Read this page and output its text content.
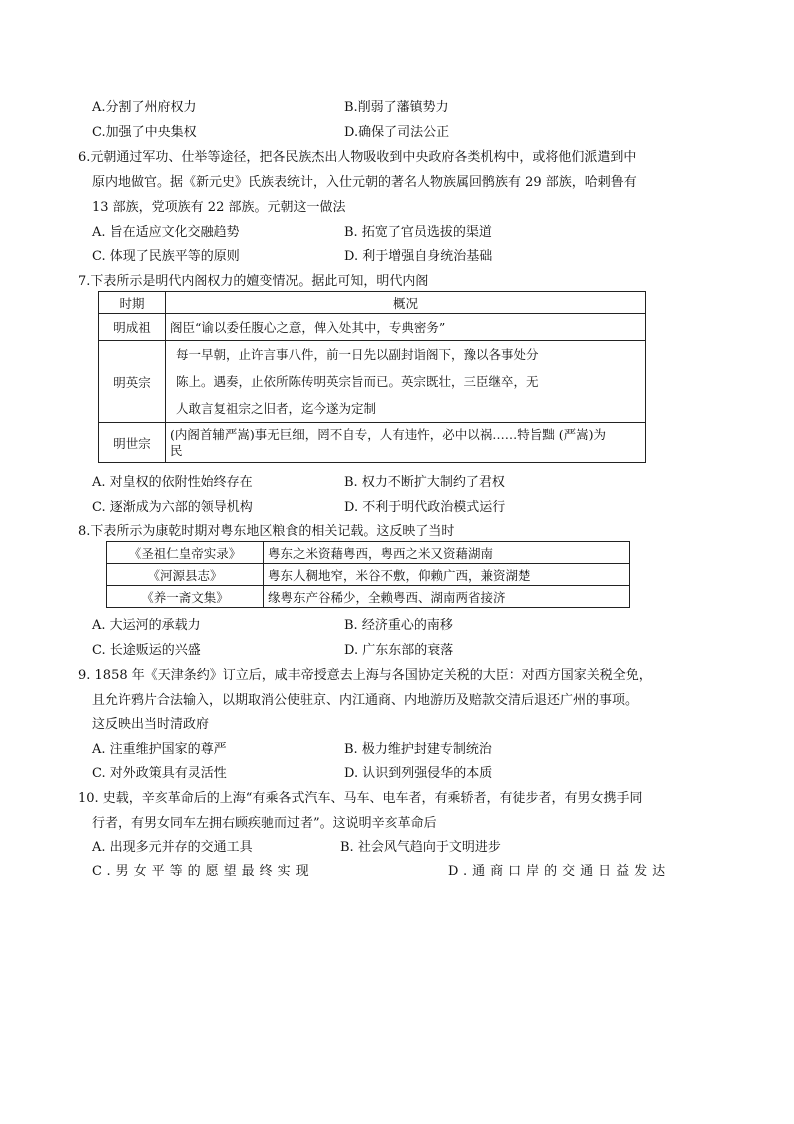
A.分割了州府权力	B.削弱了藩镇势力
C.加强了中央集权	D.确保了司法公正
6.元朝通过军功、仕举等途径，把各民族杰出人物吸收到中央政府各类机构中，或将他们派遣到中
原内地做官。据《新元史》氏族表统计，入仕元朝的著名人物族属回鹘族有 29 部族，哈剌鲁有
13 部族，党项族有 22 部族。元朝这一做法
A. 旨在适应文化交融趋势	B. 拓宽了官员选拔的渠道
C. 体现了民族平等的原则	D. 利于增强自身统治基础
7.下表所示是明代内阁权力的嬗变情况。据此可知，明代内阁
时期	概况
明成祖	阁臣“谕以委任腹心之意，俾入处其中，专典密务”
明英宗	每一早朝，止许言事八件，前一日先以副封诣阁下，豫以各事处分
陈上。遇奏，止依所陈传明英宗旨而已。英宗既壮，三臣继卒，无
人敢言复祖宗之旧者，迄今遂为定制

明世宗	(内阁首辅严嵩)事无巨细，罔不自专，人有违忤，必中以祸……特旨黜 (严嵩)为
民
A. 对皇权的依附性始终存在	B. 权力不断扩大制约了君权
C. 逐渐成为六部的领导机构	D. 不利于明代政治模式运行
8.下表所示为康乾时期对粤东地区粮食的相关记载。这反映了当时
《圣祖仁皇帝实录》	粤东之米资藉粤西，粤西之米又资藉湖南
《河源县志》	粤东人稠地窄，米谷不敷，仰赖广西，兼资湖楚
《养一斋文集》	缘粤东产谷稀少，全赖粤西、湖南两省接济
A. 大运河的承载力	B. 经济重心的南移
C. 长途贩运的兴盛	D. 广东东部的衰落
9. 1858 年《天津条约》订立后，咸丰帝授意去上海与各国协定关税的大臣：对西方国家关税全免，
且允许鸦片合法输入，以期取消公使驻京、内江通商、内地游历及赔款交清后退还广州的事项。
这反映出当时清政府
A. 注重维护国家的尊严	B. 极力维护封建专制统治
C. 对外政策具有灵活性	D. 认识到列强侵华的本质
10. 史载，辛亥革命后的上海“有乘各式汽车、马车、电车者，有乘轿者，有徒步者，有男女携手同
行者，有男女同车左拥右顾疾驰而过者”。这说明辛亥革命后
A. 出现多元并存的交通工具	B. 社会风气趋向于文明进步
C.男女平等的愿望最终实现	D.通商口岸的交通日益发达
